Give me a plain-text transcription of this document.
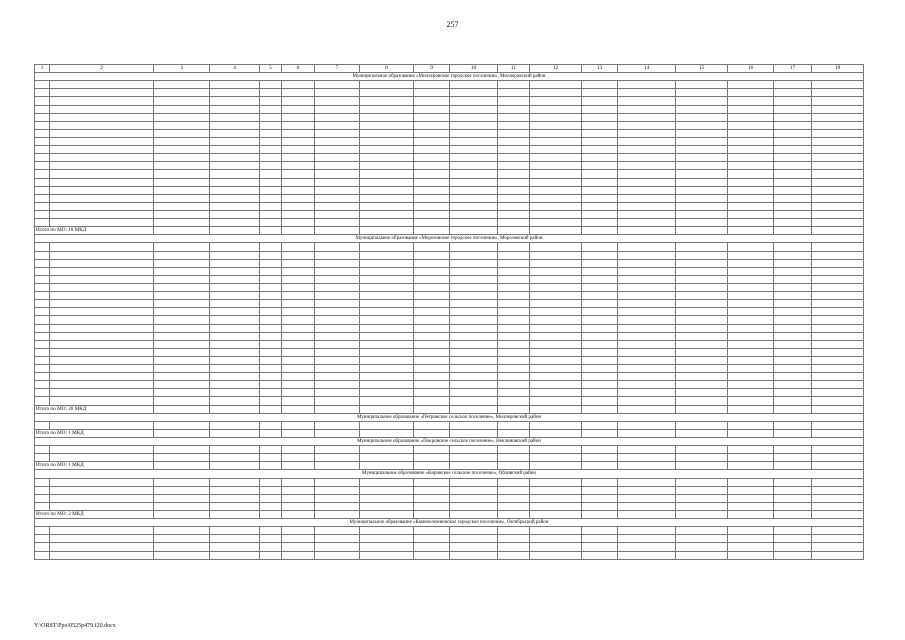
257
1	2	3	4	5	6	7	8	9	10	11	12	13	14	15	16	17	18
Муниципальное образование «Миллеровское городское поселение», Миллеровский район																	

Итого по МО: 18 МКД																	
Муниципальное образование «Морозовское городское поселение», Морозовский район																	

Итого по МО: 20 МКД																	
Муниципальное образование «Петровское сельское поселение», Миллеровский район																	

Итого по МО: 1 МКД																	
Муниципальное образование «Покровское сельское поселение», Неклиновский район																	

Итого по МО: 1 МКД																	
Муниципальное образование «Кировское сельское поселение», Обливский район																	

Итого по МО: 2 МКД																	
Муниципальное образование «Каменоломненское городское поселение», Октябрьский район																	

Y:\ORST\Ppo\0525p479.f20.docx
